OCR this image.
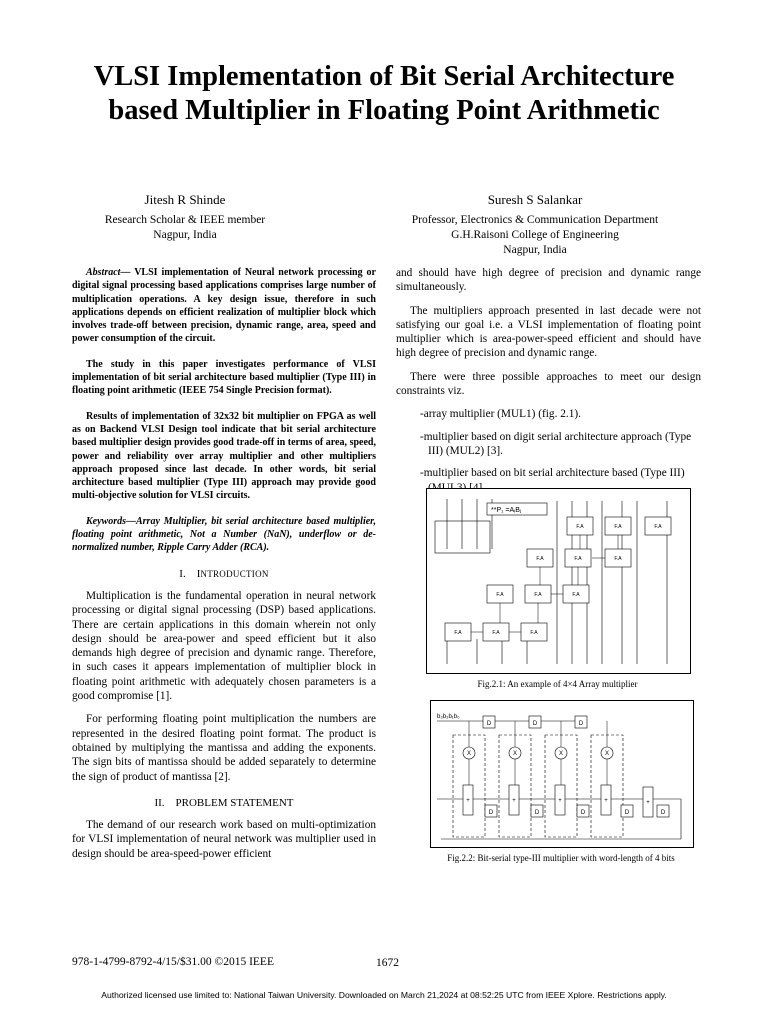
VLSI Implementation of Bit Serial Architecture
based Multiplier in Floating Point Arithmetic
Jitesh R Shinde
Research Scholar & IEEE member
Nagpur, India
Suresh S Salankar
Professor, Electronics & Communication Department
G.H.Raisoni College of Engineering
Nagpur, India

Abstract— VLSI implementation of Neural network processing or digital signal processing based applications comprises large number of multiplication operations. A key design issue, therefore in such applications depends on efficient realization of multiplier block which involves trade-off between precision, dynamic range, area, speed and power consumption of the circuit.

The study in this paper investigates performance of VLSI implementation of bit serial architecture based multiplier (Type III) in floating point arithmetic (IEEE 754 Single Precision format).

Results of implementation of 32x32 bit multiplier on FPGA as well as on Backend VLSI Design tool indicate that bit serial architecture based multiplier design provides good trade-off in terms of area, speed, power and reliability over array multiplier and other multipliers approach proposed since last decade. In other words, bit serial architecture based multiplier (Type III) approach may provide good multi-objective solution for VLSI circuits.

Keywords—Array Multiplier, bit serial architecture based multiplier, floating point arithmetic, Not a Number (NaN), underflow or de-normalized number, Ripple Carry Adder (RCA).

I. INTRODUCTION

Multiplication is the fundamental operation in neural network processing or digital signal processing (DSP) based applications. There are certain applications in this domain wherein not only design should be area-power and speed efficient but it also demands high degree of precision and dynamic range. Therefore, in such cases it appears implementation of multiplier block in floating point arithmetic with adequately chosen parameters is a good compromise [1].

For performing floating point multiplication the numbers are represented in the desired floating point format. The product is obtained by multiplying the mantissa and adding the exponents. The sign bits of mantissa should be added separately to determine the sign of product of mantissa [2].

II. PROBLEM STATEMENT

The demand of our research work based on multi-optimization for VLSI implementation of neural network was multiplier used in design should be area-speed-power efficient

and should have high degree of precision and dynamic range simultaneously.

The multipliers approach presented in last decade were not satisfying our goal i.e. a VLSI implementation of floating point multiplier which is area-power-speed efficient and should have high degree of precision and dynamic range.

There were three possible approaches to meet our design constraints viz.

-array multiplier (MUL1) (fig. 2.1).

-multiplier based on digit serial architecture approach (Type III) (MUL2) [3].

-multiplier based on bit serial architecture based (Type III)

**P₁ =AᵢBⱼ
F.A	F.A	F.A
F.A	F.A	F.A
F.A	F.A	F.A
F.A	F.A	F.A
Fig.2.1: An example of 4×4 Array multiplier
b₃b₂b₁b₀
D	D	D
D	D	D	D	D
X	X	X	X
+	+	+	+	+
Fig.2.2: Bit-serial type-III multiplier with word-length of 4 bits
978-1-4799-8792-4/15/$31.00 ©2015 IEEE	1672
Authorized licensed use limited to: National Taiwan University. Downloaded on March 21,2024 at 08:52:25 UTC from IEEE Xplore. Restrictions apply.
